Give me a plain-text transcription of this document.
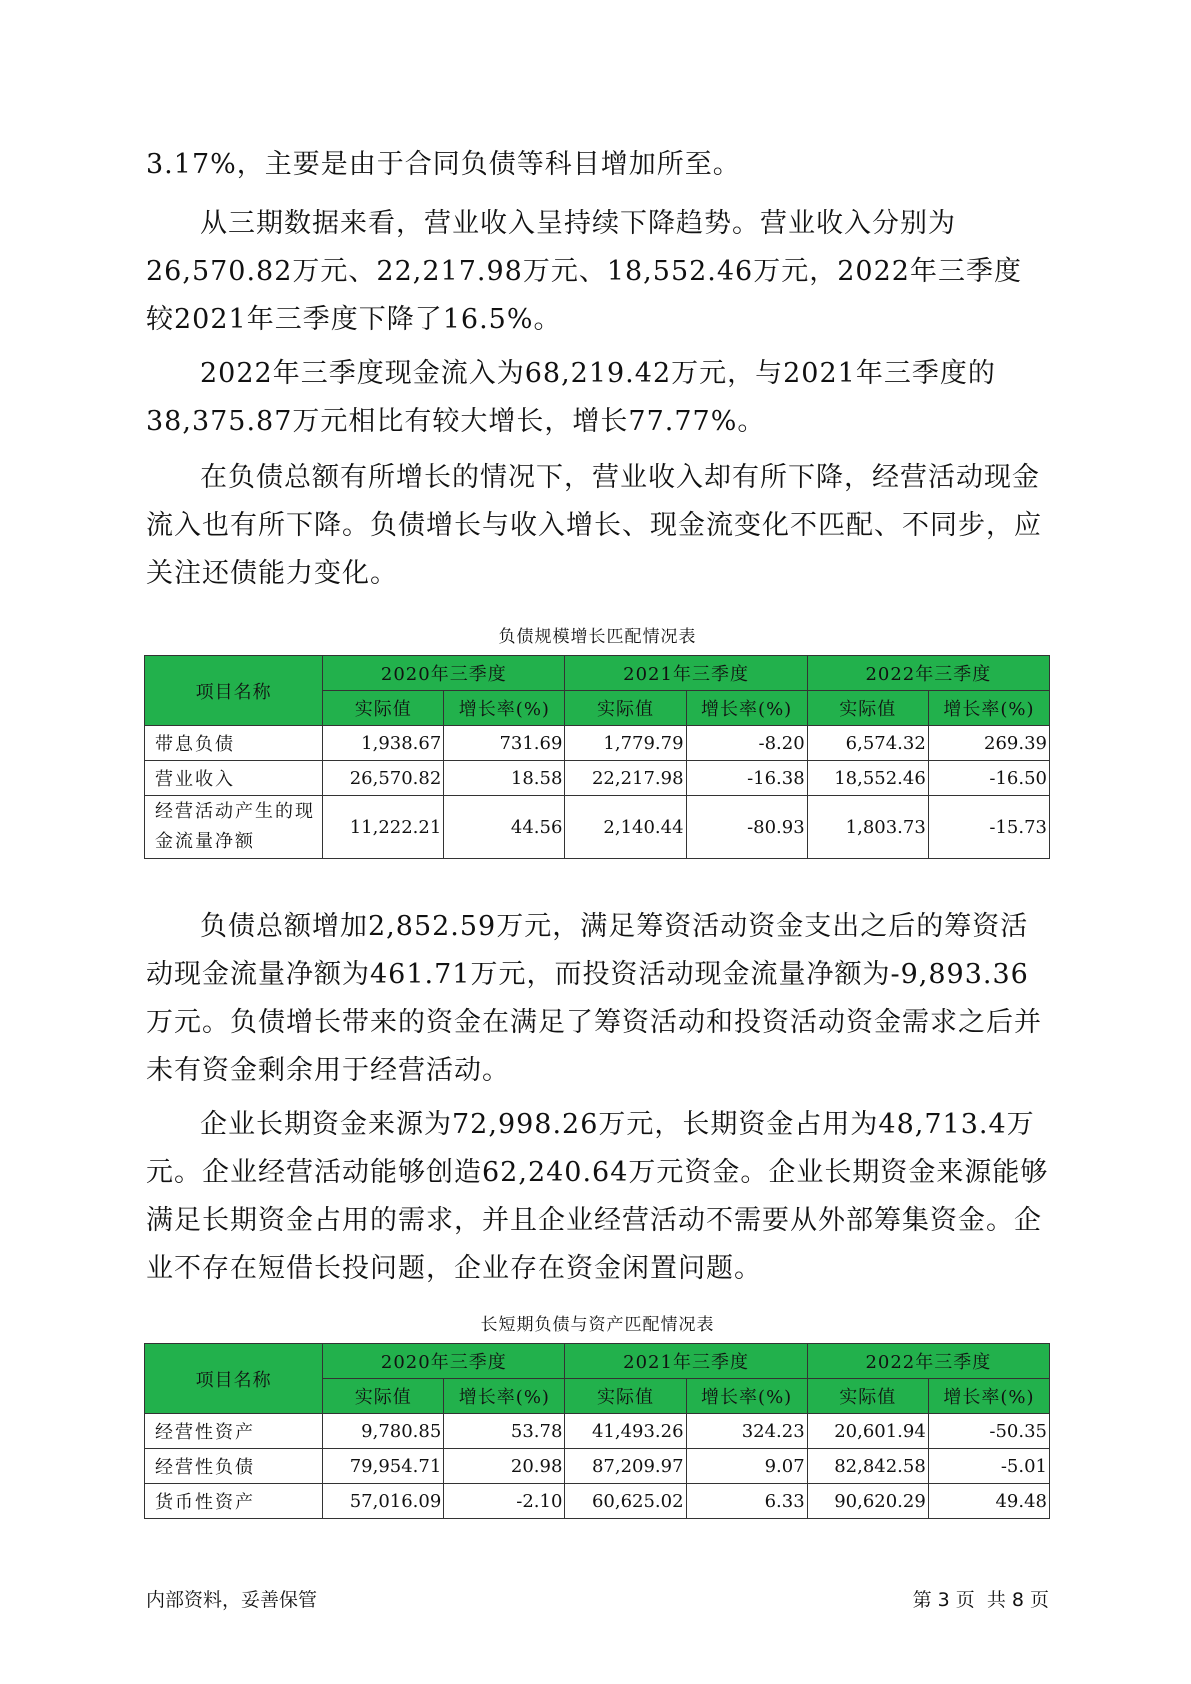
3.17%，主要是由于合同负债等科目增加所至。

从三期数据来看，营业收入呈持续下降趋势。营业收入分别为26,570.82万元、22,217.98万元、18,552.46万元，2022年三季度较2021年三季度下降了16.5%。

2022年三季度现金流入为68,219.42万元，与2021年三季度的38,375.87万元相比有较大增长，增长77.77%。

在负债总额有所增长的情况下，营业收入却有所下降，经营活动现金流入也有所下降。负债增长与收入增长、现金流变化不匹配、不同步，应关注还债能力变化。

负债规模增长匹配情况表
项目名称	2020年三季度		2021年三季度		2022年三季度	
	实际值	增长率(%)	实际值	增长率(%)	实际值	增长率(%)
带息负债	1,938.67	731.69	1,779.79	-8.20	6,574.32	269.39
营业收入	26,570.82	18.58	22,217.98	-16.38	18,552.46	-16.50
经营活动产生的现金流量净额	11,222.21	44.56	2,140.44	-80.93	1,803.73	-15.73

负债总额增加2,852.59万元，满足筹资活动资金支出之后的筹资活动现金流量净额为461.71万元，而投资活动现金流量净额为-9,893.36万元。负债增长带来的资金在满足了筹资活动和投资活动资金需求之后并未有资金剩余用于经营活动。

企业长期资金来源为72,998.26万元，长期资金占用为48,713.4万元。企业经营活动能够创造62,240.64万元资金。企业长期资金来源能够满足长期资金占用的需求，并且企业经营活动不需要从外部筹集资金。企业不存在短借长投问题，企业存在资金闲置问题。

长短期负债与资产匹配情况表
项目名称	2020年三季度		2021年三季度		2022年三季度	
	实际值	增长率(%)	实际值	增长率(%)	实际值	增长率(%)
经营性资产	9,780.85	53.78	41,493.26	324.23	20,601.94	-50.35
经营性负债	79,954.71	20.98	87,209.97	9.07	82,842.58	-5.01
货币性资产	57,016.09	-2.10	60,625.02	6.33	90,620.29	49.48
内部资料，妥善保管	第 3 页  共 8 页
